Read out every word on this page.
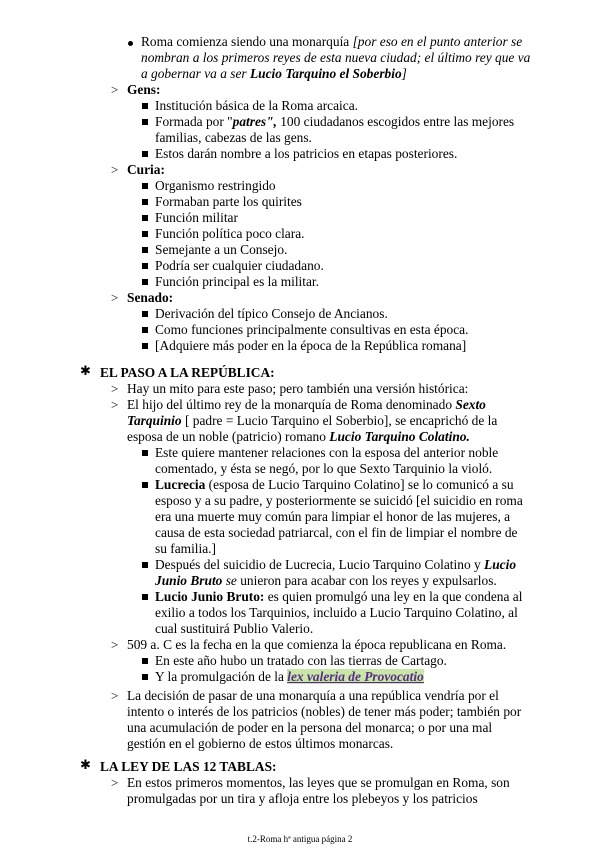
Roma comienza siendo una monarquía [por eso en el punto anterior se
nombran a los primeros reyes de esta nueva ciudad; el último rey que va
a gobernar va a ser Lucio Tarquino el Soberbio]
> Gens:
Institución básica de la Roma arcaica.
Formada por "patres", 100 ciudadanos escogidos entre las mejores
familias, cabezas de las gens.
Estos darán nombre a los patricios en etapas posteriores.
> Curia:
Organismo restringido
Formaban parte los quirites
Función militar
Función política poco clara.
Semejante a un Consejo.
Podría ser cualquier ciudadano.
Función principal es la militar.
> Senado:
Derivación del típico Consejo de Ancianos.
Como funciones principalmente consultivas en esta época.
[Adquiere más poder en la época de la República romana]
✱ EL PASO A LA REPÚBLICA:
> Hay un mito para este paso; pero también una versión histórica:
> El hijo del último rey de la monarquía de Roma denominado Sexto
Tarquinio [ padre = Lucio Tarquino el Soberbio], se encaprichó de la
esposa de un noble (patricio) romano Lucio Tarquino Colatino.
Este quiere mantener relaciones con la esposa del anterior noble
comentado, y ésta se negó, por lo que Sexto Tarquinio la violó.
Lucrecia (esposa de Lucio Tarquino Colatino] se lo comunicó a su
esposo y a su padre, y posteriormente se suicidó [el suicidio en roma
era una muerte muy común para limpiar el honor de las mujeres, a
causa de esta sociedad patriarcal, con el fin de limpiar el nombre de
su familia.]
Después del suicidio de Lucrecia, Lucio Tarquino Colatino y Lucio
Junio Bruto se unieron para acabar con los reyes y expulsarlos.
Lucio Junio Bruto: es quien promulgó una ley en la que condena al
exilio a todos los Tarquinios, incluido a Lucio Tarquino Colatino, al
cual sustituirá Publio Valerio.
> 509 a. C es la fecha en la que comienza la época republicana en Roma.
En este año hubo un tratado con las tierras de Cartago.
Y la promulgación de la lex valeria de Provocatio
> La decisión de pasar de una monarquía a una república vendría por el
intento o interés de los patricios (nobles) de tener más poder; también por
una acumulación de poder en la persona del monarca; o por una mal
gestión en el gobierno de estos últimos monarcas.
✱ LA LEY DE LAS 12 TABLAS:
> En estos primeros momentos, las leyes que se promulgan en Roma, son
promulgadas por un tira y afloja entre los plebeyos y los patricios
t.2-Roma hª antigua página 2
